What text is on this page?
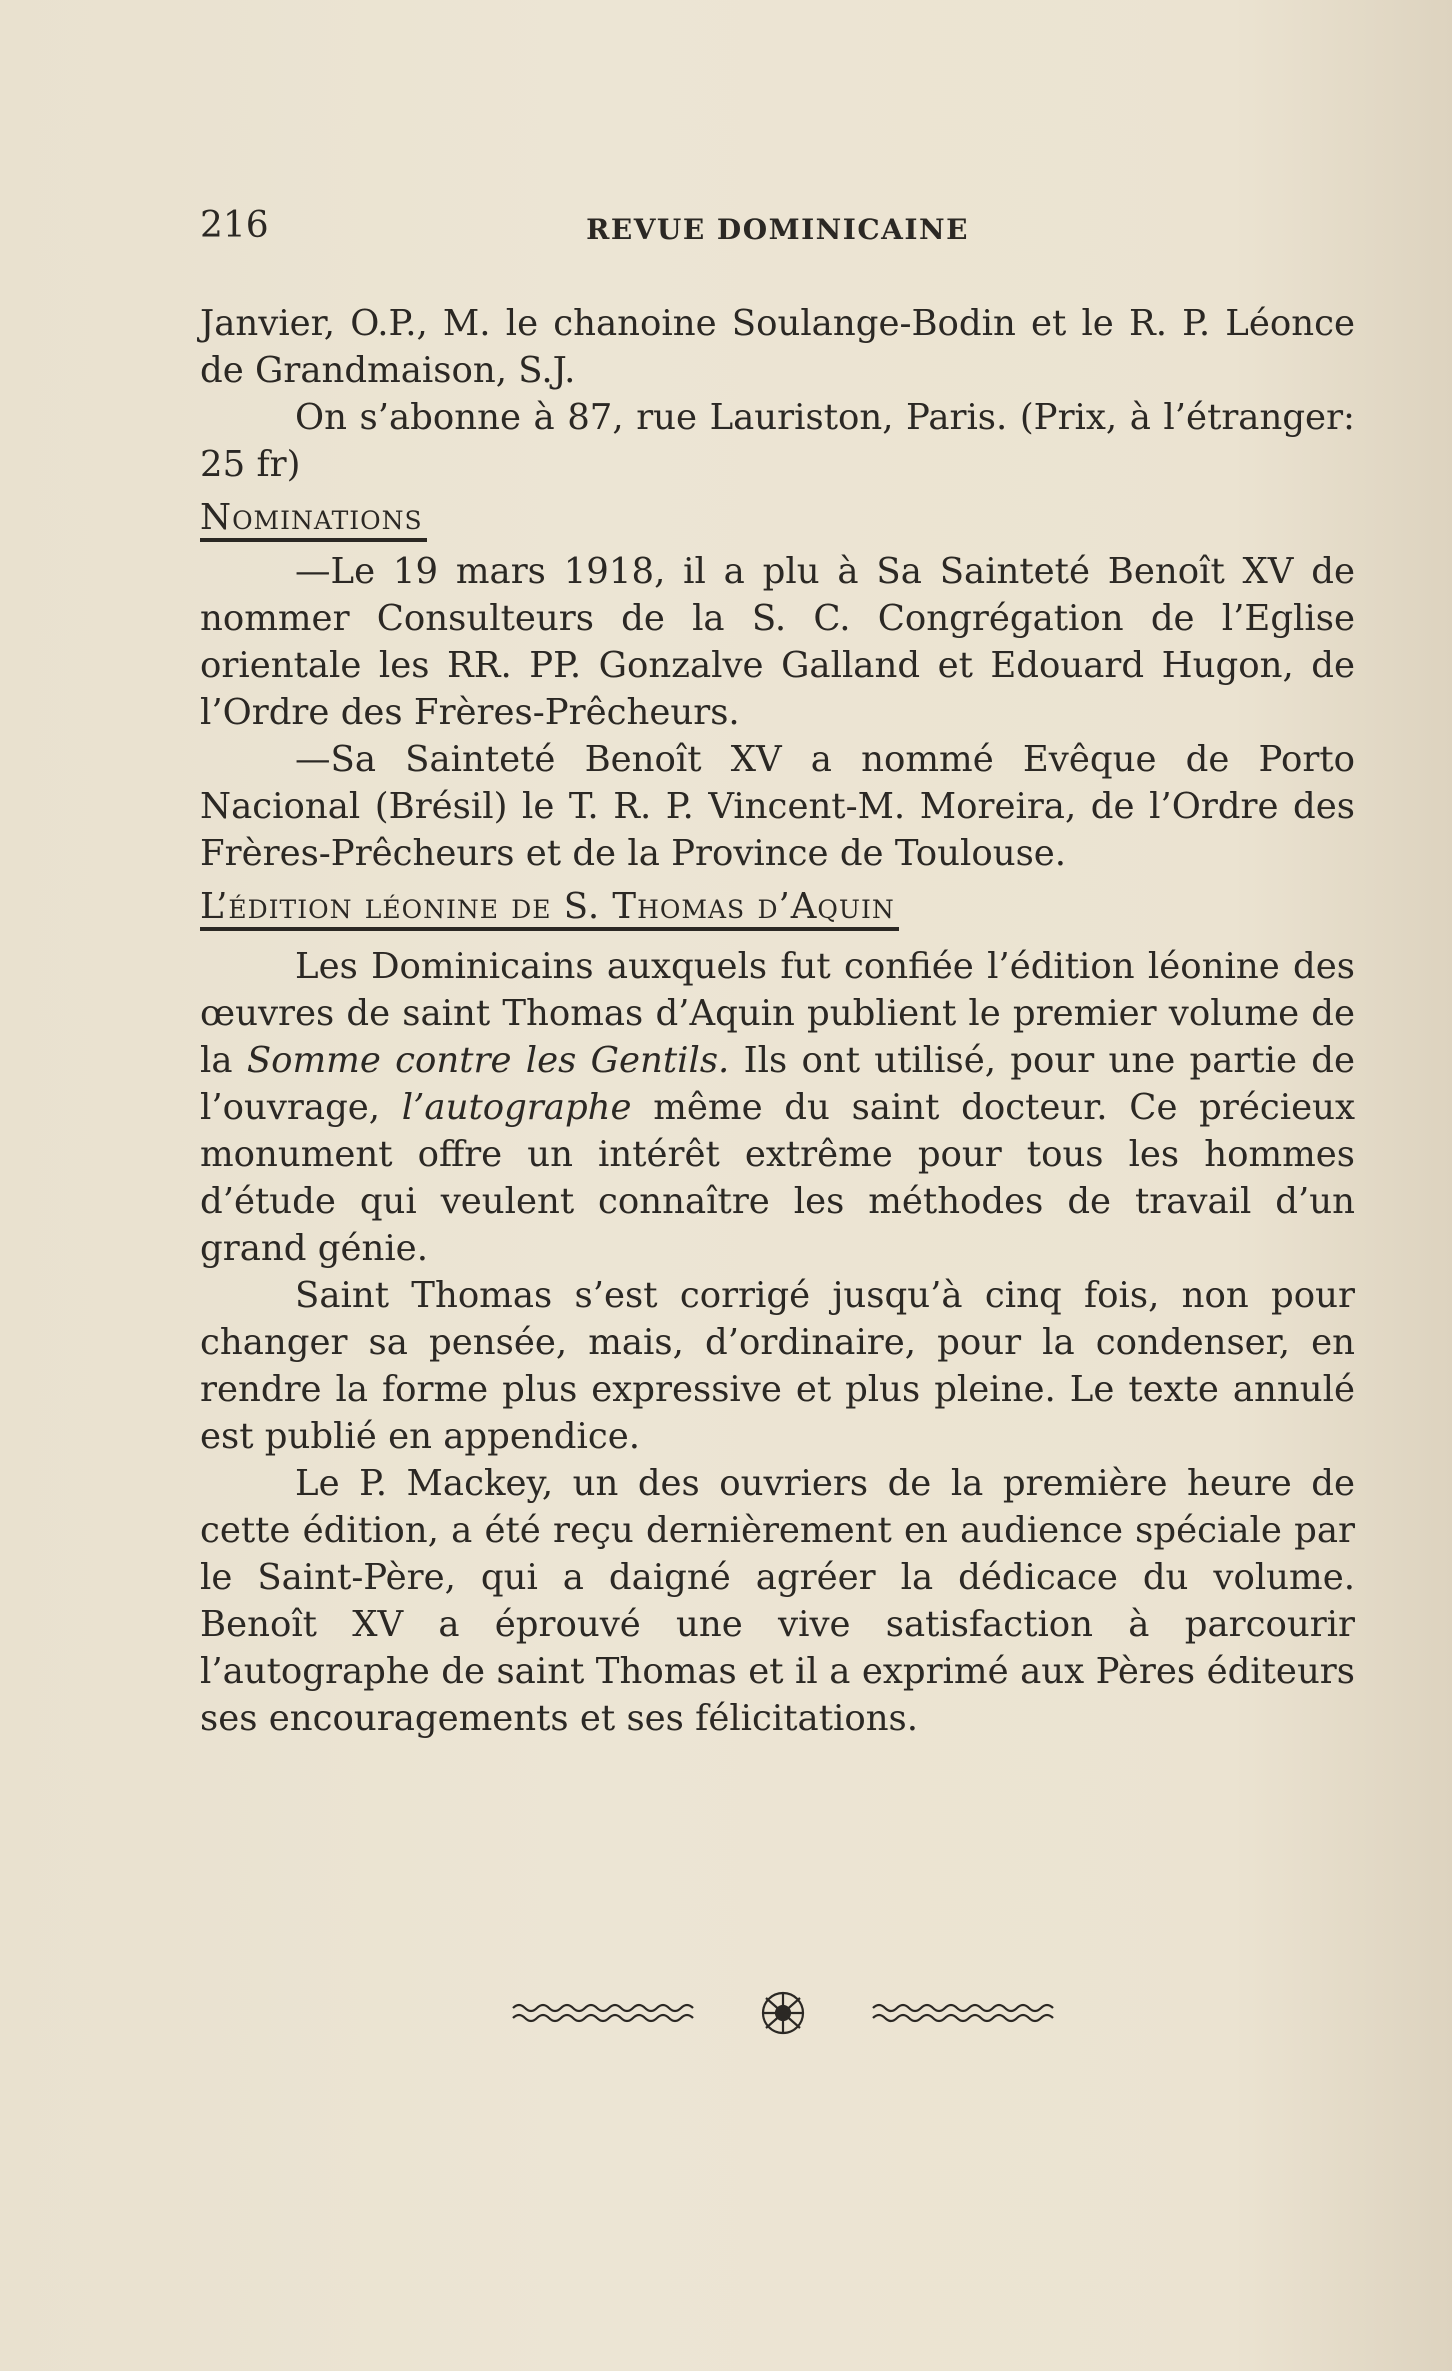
216	REVUE DOMINICAINE

Janvier, O.P., M. le chanoine Soulange-Bodin et le R. P. Léonce de Grandmaison, S.J.

On s’abonne à 87, rue Lauriston, Paris. (Prix, à l’étranger: 25 fr)

Nominations

—Le 19 mars 1918, il a plu à Sa Sainteté Benoît XV de nommer Consulteurs de la S. C. Congrégation de l’Eglise orientale les RR. PP. Gonzalve Galland et Edouard Hugon, de l’Ordre des Frères-Prêcheurs.

—Sa Sainteté Benoît XV a nommé Evêque de Porto Nacional (Brésil) le T. R. P. Vincent-M. Moreira, de l’Ordre des Frères-Prêcheurs et de la Province de Toulouse.

L’édition léonine de S. Thomas d’Aquin

Les Dominicains auxquels fut confiée l’édition léonine des œuvres de saint Thomas d’Aquin publient le premier volume de la Somme contre les Gentils. Ils ont utilisé, pour une partie de l’ouvrage, l’autographe même du saint docteur. Ce précieux monument offre un intérêt extrême pour tous les hommes d’étude qui veulent connaître les méthodes de travail d’un grand génie.

Saint Thomas s’est corrigé jusqu’à cinq fois, non pour changer sa pensée, mais, d’ordinaire, pour la condenser, en rendre la forme plus expressive et plus pleine. Le texte annulé est publié en appendice.

Le P. Mackey, un des ouvriers de la première heure de cette édition, a été reçu dernièrement en audience spéciale par le Saint-Père, qui a daigné agréer la dédicace du volume. Benoît XV a éprouvé une vive satisfaction à parcourir l’autographe de saint Thomas et il a exprimé aux Pères éditeurs ses encouragements et ses félicitations.
